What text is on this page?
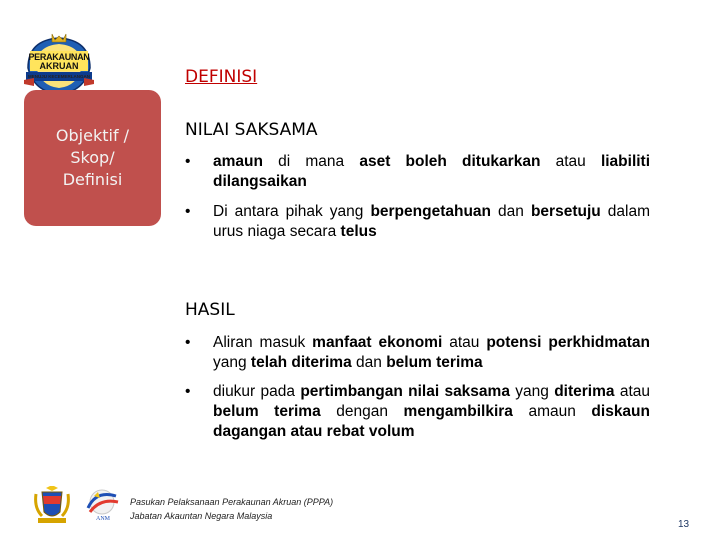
PERAKAUNAN
AKRUAN
MENUJU KECEMERLANGAN
Objektif /
Skop/
Definisi
DEFINISI
NILAI SAKSAMA
• amaun di mana aset boleh ditukarkan atau liabiliti dilangsaikan
• Di antara pihak yang berpengetahuan dan bersetuju dalam urus niaga secara telus
HASIL
• Aliran masuk manfaat ekonomi atau potensi perkhidmatan yang telah diterima dan belum terima
• diukur pada pertimbangan nilai saksama yang diterima atau belum terima dengan mengambilkira amaun diskaun dagangan atau rebat volum
ANM
Pasukan Pelaksanaan Perakaunan Akruan (PPPA)
Jabatan Akauntan Negara Malaysia
13
